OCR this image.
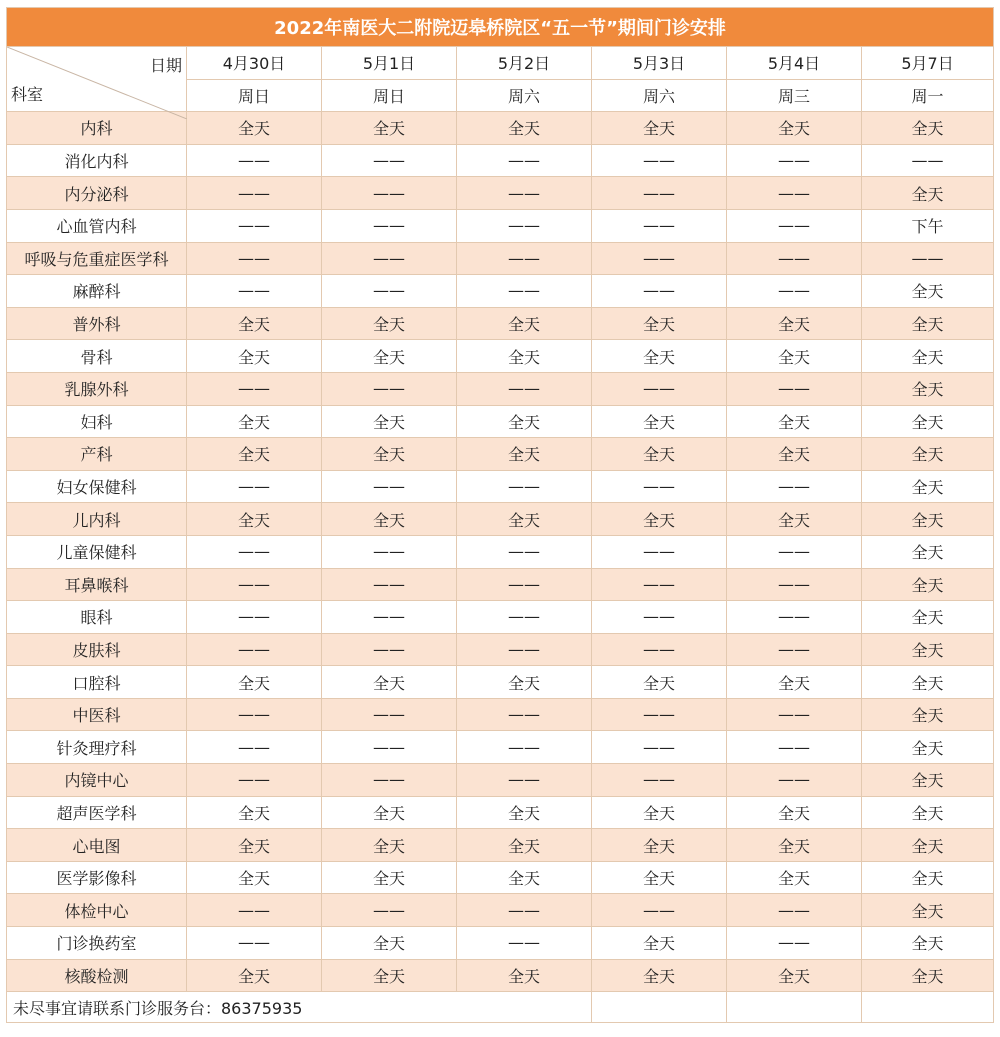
2022年南医大二附院迈皋桥院区“五一节”期间门诊安排						

日期
科室	4月30日	5月1日	5月2日	5月3日	5月4日	5月7日
	周日	周日	周六	周六	周三	周一
内科	全天	全天	全天	全天	全天	全天
消化内科	——	——	——	——	——	——
内分泌科	——	——	——	——	——	全天
心血管内科	——	——	——	——	——	下午
呼吸与危重症医学科	——	——	——	——	——	——
麻醉科	——	——	——	——	——	全天
普外科	全天	全天	全天	全天	全天	全天
骨科	全天	全天	全天	全天	全天	全天
乳腺外科	——	——	——	——	——	全天
妇科	全天	全天	全天	全天	全天	全天
产科	全天	全天	全天	全天	全天	全天
妇女保健科	——	——	——	——	——	全天
儿内科	全天	全天	全天	全天	全天	全天
儿童保健科	——	——	——	——	——	全天
耳鼻喉科	——	——	——	——	——	全天
眼科	——	——	——	——	——	全天
皮肤科	——	——	——	——	——	全天
口腔科	全天	全天	全天	全天	全天	全天
中医科	——	——	——	——	——	全天
针灸理疗科	——	——	——	——	——	全天
内镜中心	——	——	——	——	——	全天
超声医学科	全天	全天	全天	全天	全天	全天
心电图	全天	全天	全天	全天	全天	全天
医学影像科	全天	全天	全天	全天	全天	全天
体检中心	——	——	——	——	——	全天
门诊换药室	——	全天	——	全天	——	全天
核酸检测	全天	全天	全天	全天	全天	全天
未尽事宜请联系门诊服务台：86375935						
